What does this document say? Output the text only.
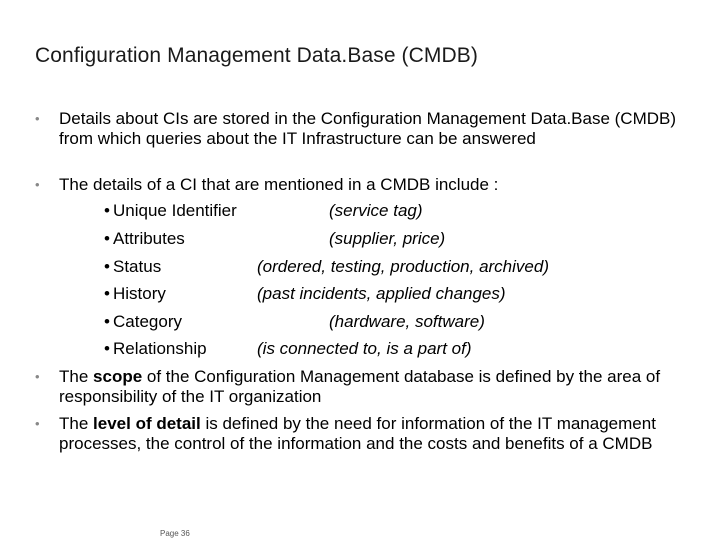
Configuration Management Data.Base (CMDB)
• Details about CIs are stored in the Configuration Management Data.Base (CMDB) from which queries about the IT Infrastructure can be answered

• The details of a CI that are mentioned in a CMDB include :

• Unique Identifier	(service tag)
• Attributes	(supplier, price)
• Status	(ordered, testing, production, archived)
• History	(past incidents, applied changes)
• Category	(hardware, software)
• Relationship	(is connected to, is a part of)
• The scope of the Configuration Management database is defined by the area of responsibility of the IT organization

• The level of detail is defined by the need for information of the IT management processes, the control of the information and the costs and benefits of a CMDB

Page 36
